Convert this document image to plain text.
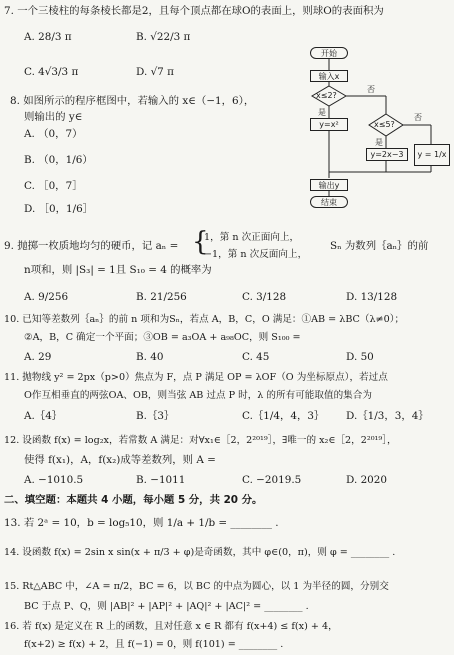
7. 一个三棱柱的每条棱长都是2，且每个顶点都在球O的表面上，则球O的表面积为
A. 28/3 π	B. √22/3 π
C. 4√3/3 π	D. √7 π
8. 如图所示的程序框图中，若输入的 x∈（−1，6），
则输出的 y∈
A. （0，7）
B. （0，1/6）
C. ［0，7］
D. ［0，1/6］
开始
输入x
x≤2?
是
否
y=x²	x≤5?
是
否
y=2x−3	y = 1/x
输出y
结束
9. 抛掷一枚质地均匀的硬币，记 aₙ = {
1，第 n 次正面向上，
−1，第 n 次反面向上，
Sₙ 为数列｛aₙ｝的前
n项和，则 |S₃| = 1且 S₁₀ = 4 的概率为
A. 9/256	B. 21/256	C. 3/128	D. 13/128
10. 已知等差数列｛aₙ｝的前 n 项和为Sₙ，若点 A，B，C，O 满足：①AB = λBC（λ≠0）；
②A，B，C 确定一个平面；③OB = a₃OA + a₉₈OC，则 S₁₀₀ =
A. 29	B. 40	C. 45	D. 50
11. 抛物线 y² = 2px（p>0）焦点为 F，点 P 满足 OP = λOF（O 为坐标原点），若过点
O作互相垂直的两弦OA、OB，则当弦 AB 过点 P 时，λ 的所有可能取值的集合为
A.｛4｝	B.｛3｝	C.｛1/4，4，3｝ D.｛1/3，3，4｝
12. 设函数 f(x) = log₂x，若常数 A 满足：对∀x₁∈［2，2²⁰¹⁹］，∃唯一的 x₂∈［2，2²⁰¹⁹］，
使得 f(x₁)，A，f(x₂)成等差数列，则 A =
A. −1010.5	B. −1011	C. −2019.5	D. 2020
二、填空题：本题共 4 小题，每小题 5 分，共 20 分。
13. 若 2ᵃ = 10，b = log₅10，则 1/a + 1/b = ________ .
14. 设函数 f(x) = 2sin x sin(x + π/3 + φ)是奇函数，其中 φ∈(0，π)，则 φ = ________ .
15. Rt△ABC 中，∠A = π/2，BC = 6，以 BC 的中点为圆心，以 1 为半径的圆，分别交
BC 于点 P、Q，则 |AB|² + |AP|² + |AQ|² + |AC|² = ________ .
16. 若 f(x) 是定义在 R 上的函数，且对任意 x ∈ R 都有 f(x+4) ≤ f(x) + 4，
f(x+2) ≥ f(x) + 2，且 f(−1) = 0，则 f(101) = ________ .
